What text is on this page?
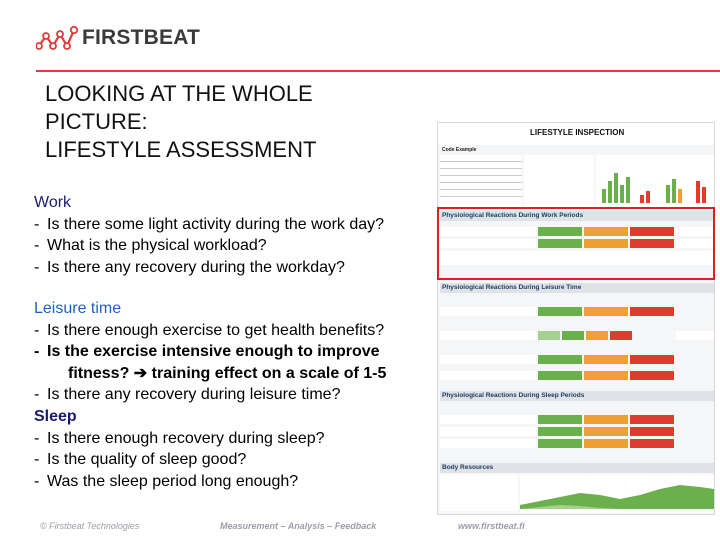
FIRSTBEAT
LOOKING AT THE WHOLE
PICTURE:
LIFESTYLE ASSESSMENT
Work
- Is there some light activity during the work day?
- What is the physical workload?
- Is there any recovery during the workday?
Leisure time
- Is there enough exercise to get health benefits?
- Is the exercise intensive enough to improve
fitness? ➔ training effect on a scale of 1-5
- Is there any recovery during leisure time?
Sleep
- Is there enough recovery during sleep?
- Is the quality of sleep good?
- Was the sleep period long enough?
LIFESTYLE INSPECTION
Code Example
Physiological Reactions During Work Periods
Physiological Reactions During Leisure Time
Physiological Reactions During Sleep Periods
Body Resources
© Firstbeat Technologies	Measurement – Analysis – Feedback	www.firstbeat.fi
